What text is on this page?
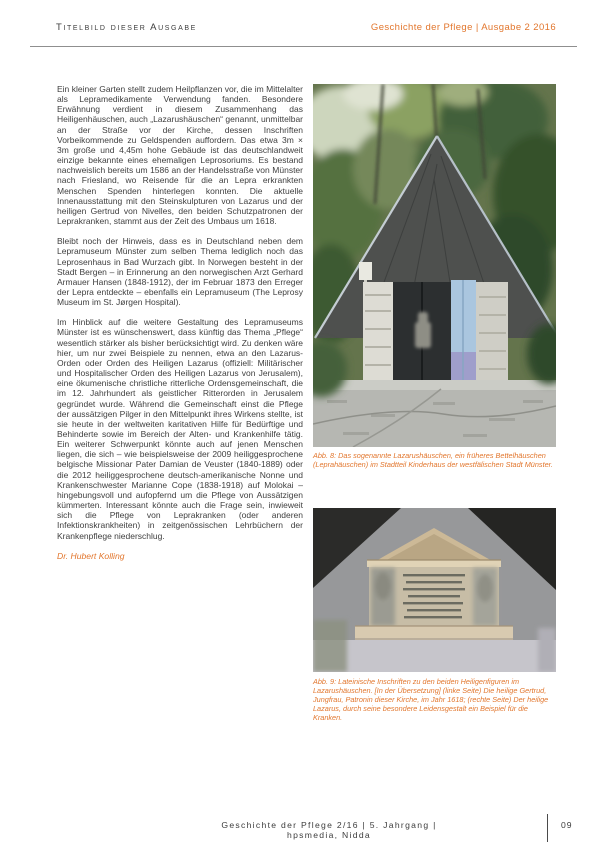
Titelbild dieser Ausgabe	Geschichte der Pflege | Ausgabe 2 2016

Ein kleiner Garten stellt zudem Heilpflanzen vor, die im Mittelalter als Lepramedikamente Verwendung fanden. Besondere Erwähnung verdient in diesem Zusammenhang das Heiligenhäuschen, auch „Lazarushäuschen“ genannt, unmittelbar an der Straße vor der Kirche, dessen Inschriften Vorbeikommende zu Geldspenden auffordern. Das etwa 3m × 3m große und 4,45m hohe Gebäude ist das deutschlandweit einzige bekannte eines ehemaligen Leprosoriums. Es bestand nachweislich bereits um 1586 an der Handelsstraße von Münster nach Friesland, wo Reisende für die an Lepra erkrankten Menschen Spenden hinterlegen konnten. Die aktuelle Innenausstattung mit den Steinskulpturen von Lazarus und der heiligen Gertrud von Nivelles, den beiden Schutzpatronen der Leprakranken, stammt aus der Zeit des Umbaus um 1618.

Bleibt noch der Hinweis, dass es in Deutschland neben dem Lepramuseum Münster zum selben Thema lediglich noch das Leprosenhaus in Bad Wurzach gibt. In Norwegen besteht in der Stadt Bergen – in Erinnerung an den norwegischen Arzt Gerhard Armauer Hansen (1848-1912), der im Februar 1873 den Erreger der Lepra entdeckte – ebenfalls ein Lepramuseum (The Leprosy Museum im St. Jørgen Hospital).

Im Hinblick auf die weitere Gestaltung des Lepramuseums Münster ist es wünschenswert, dass künftig das Thema „Pflege“ wesentlich stärker als bisher berücksichtigt wird. Zu denken wäre hier, um nur zwei Beispiele zu nennen, etwa an den Lazarus-Orden oder Orden des Heiligen Lazarus (offiziell: Militärischer und Hospitalischer Orden des Heiligen Lazarus von Jerusalem), eine ökumenische christliche ritterliche Ordensgemeinschaft, die im 12. Jahrhundert als geistlicher Ritterorden in Jerusalem gegründet wurde. Während die Gemeinschaft einst die Pflege der aussätzigen Pilger in den Mittelpunkt ihres Wirkens stellte, ist sie heute in der weltweiten karitativen Hilfe für Bedürftige und Behinderte sowie im Bereich der Alten- und Krankenhilfe tätig. Ein weiterer Schwerpunkt könnte auch auf jenen Menschen liegen, die sich – wie beispielsweise der 2009 heiliggesprochene belgische Missionar Pater Damian de Veuster (1840-1889) oder die 2012 heiliggesprochene deutsch-amerikanische Nonne und Krankenschwester Marianne Cope (1838-1918) auf Molokai – hingebungsvoll und aufopfernd um die Pflege von Aussätzigen kümmerten. Interessant könnte auch die Frage sein, inwieweit sich die Pflege von Leprakranken (oder anderen Infektionskrankheiten) in zeitgenössischen Lehrbüchern der Krankenpflege niederschlug.

Dr. Hubert Kolling
Abb. 8: Das sogenannte Lazarushäuschen, ein früheres Bettelhäuschen (Leprahäuschen) im Stadtteil Kinderhaus der westfälischen Stadt Münster.
Abb. 9: Lateinische Inschriften zu den beiden Heiligenfiguren im Lazarushäuschen. [In der Übersetzung] (linke Seite) Die heilige Gertrud, Jungfrau, Patronin dieser Kirche, im Jahr 1618; (rechte Seite) Der heilige Lazarus, durch seine besondere Leidensgestalt ein Beispiel für die Kranken.
Geschichte der Pflege 2/16 | 5. Jahrgang | hpsmedia, Nidda
09
